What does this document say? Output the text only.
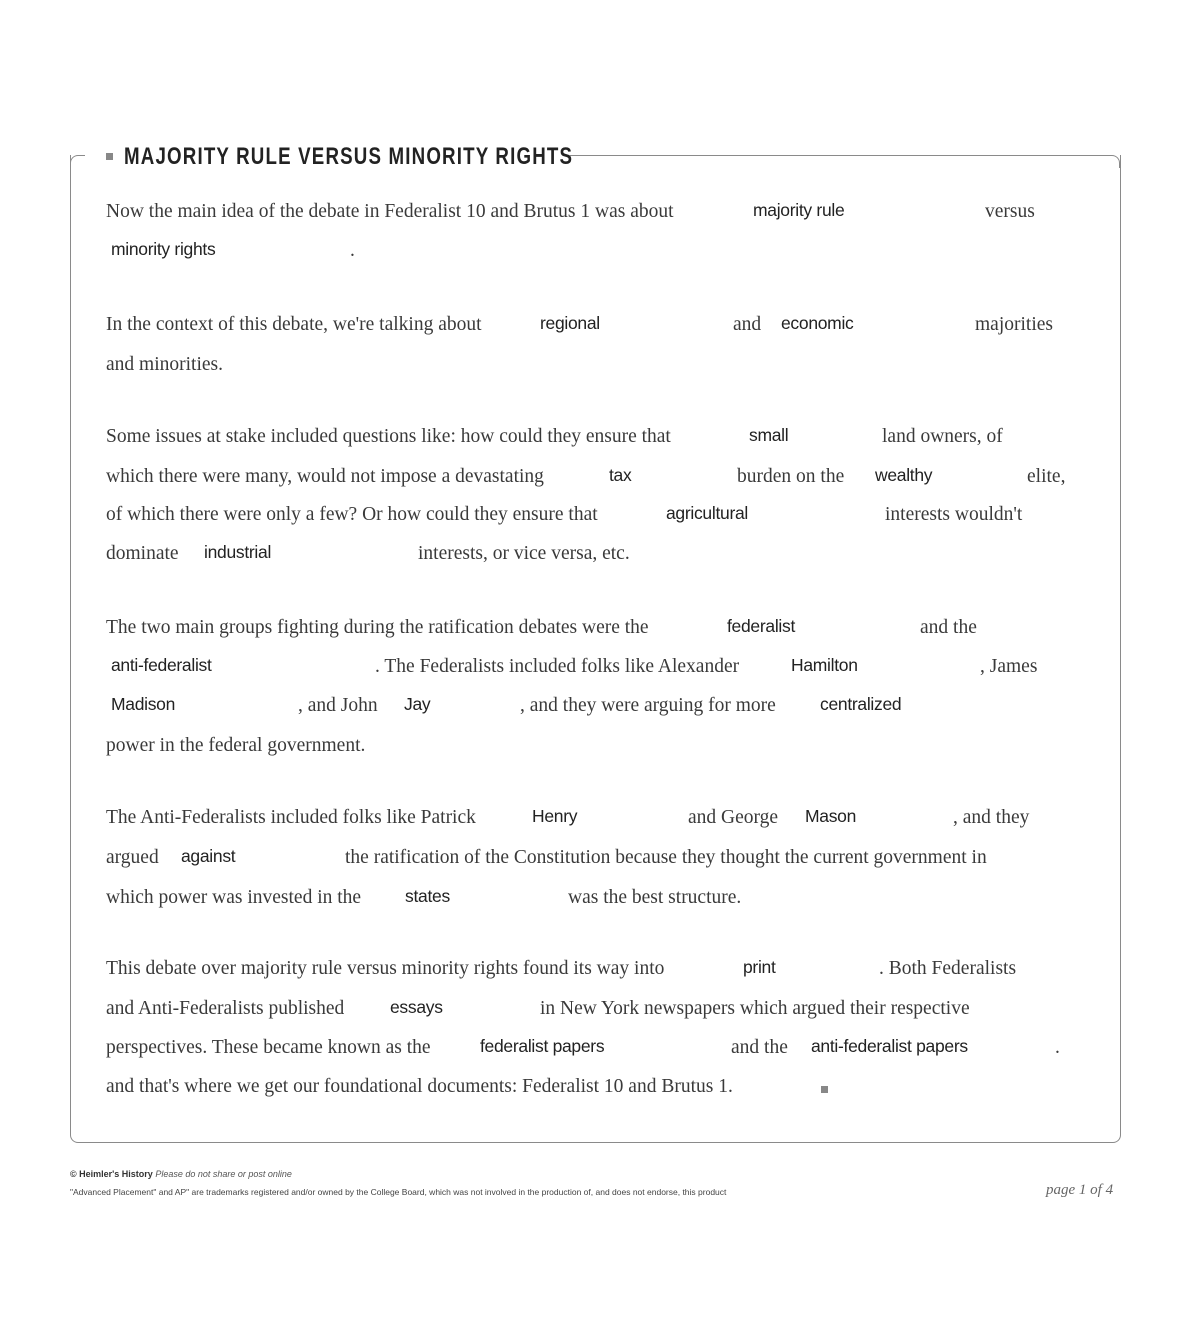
MAJORITY RULE VERSUS MINORITY RIGHTS
Now the main idea of the debate in Federalist 10 and Brutus 1 was about	majority rule	versus
minority rights	.
In the context of this debate, we're talking about	regional	and economic	majorities
and minorities.
Some issues at stake included questions like: how could they ensure that	small	land owners, of
which there were many, would not impose a devastating	tax	burden on the wealthy	elite,
of which there were only a few? Or how could they ensure that	agricultural	interests wouldn't
dominate industrial	interests, or vice versa, etc.
The two main groups fighting during the ratification debates were the	federalist	and the
anti-federalist	. The Federalists included folks like Alexander	Hamilton	, James
Madison	, and John Jay	, and they were arguing for more	centralized
power in the federal government.
The Anti-Federalists included folks like Patrick	Henry	and George Mason	, and they
argued against	the ratification of the Constitution because they thought the current government in
which power was invested in the	states	was the best structure.
This debate over majority rule versus minority rights found its way into	print	. Both Federalists
and Anti-Federalists published	essays	in New York newspapers which argued their respective
perspectives. These became known as the	federalist papers	and the anti-federalist papers	.
and that's where we get our foundational documents: Federalist 10 and Brutus 1.
© Heimler's History Please do not share or post online
"Advanced Placement" and AP" are trademarks registered and/or owned by the College Board, which was not involved in the production of, and does not endorse, this product	page 1 of 4
